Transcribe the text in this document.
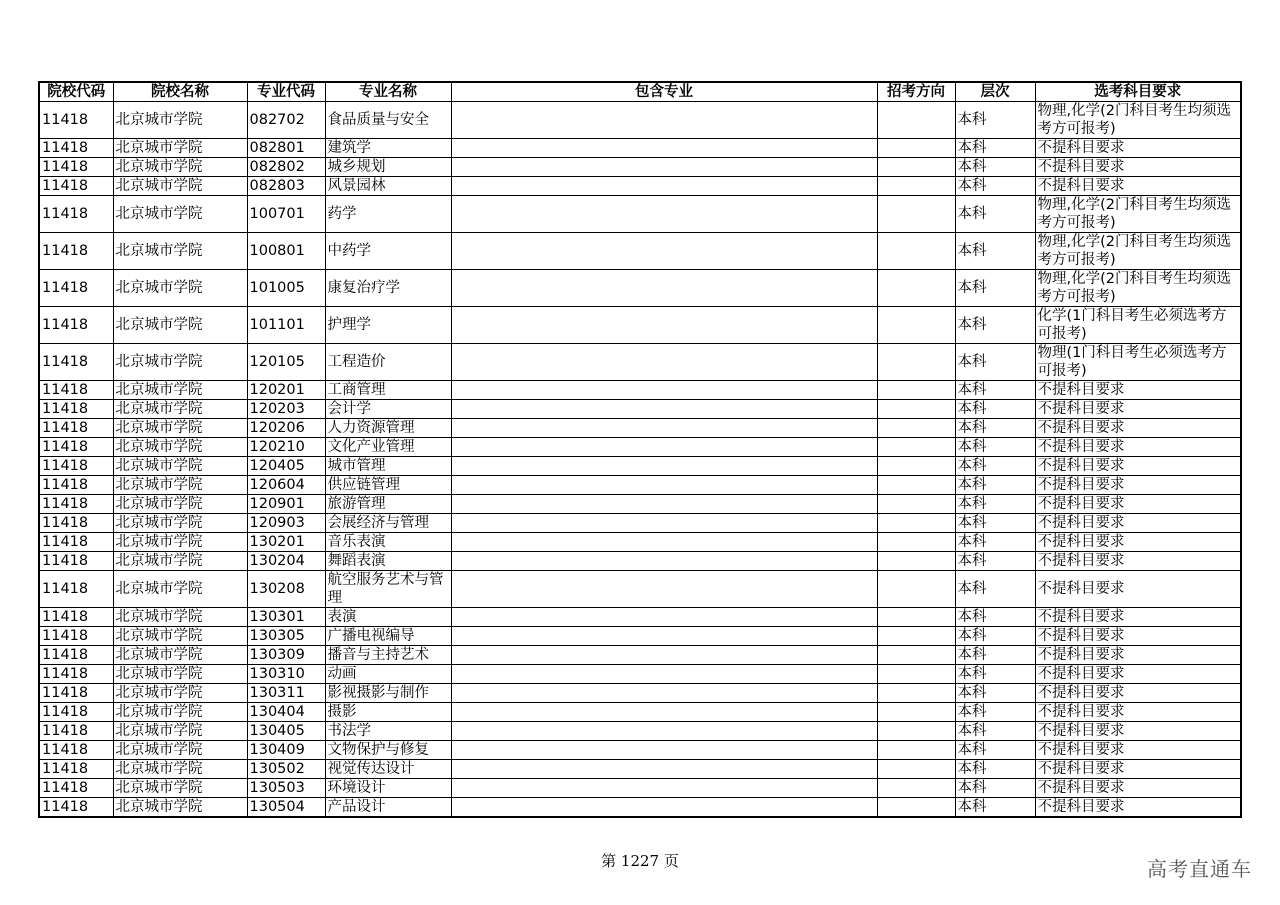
院校代码	院校名称	专业代码	专业名称	包含专业	招考方向	层次	选考科目要求
11418	北京城市学院	082702	食品质量与安全			本科	物理,化学(2门科目考生均须选考方可报考)
11418	北京城市学院	082801	建筑学			本科	不提科目要求
11418	北京城市学院	082802	城乡规划			本科	不提科目要求
11418	北京城市学院	082803	风景园林			本科	不提科目要求
11418	北京城市学院	100701	药学			本科	物理,化学(2门科目考生均须选考方可报考)
11418	北京城市学院	100801	中药学			本科	物理,化学(2门科目考生均须选考方可报考)
11418	北京城市学院	101005	康复治疗学			本科	物理,化学(2门科目考生均须选考方可报考)
11418	北京城市学院	101101	护理学			本科	化学(1门科目考生必须选考方可报考)
11418	北京城市学院	120105	工程造价			本科	物理(1门科目考生必须选考方可报考)
11418	北京城市学院	120201	工商管理			本科	不提科目要求
11418	北京城市学院	120203	会计学			本科	不提科目要求
11418	北京城市学院	120206	人力资源管理			本科	不提科目要求
11418	北京城市学院	120210	文化产业管理			本科	不提科目要求
11418	北京城市学院	120405	城市管理			本科	不提科目要求
11418	北京城市学院	120604	供应链管理			本科	不提科目要求
11418	北京城市学院	120901	旅游管理			本科	不提科目要求
11418	北京城市学院	120903	会展经济与管理			本科	不提科目要求
11418	北京城市学院	130201	音乐表演			本科	不提科目要求
11418	北京城市学院	130204	舞蹈表演			本科	不提科目要求
11418	北京城市学院	130208	航空服务艺术与管理			本科	不提科目要求
11418	北京城市学院	130301	表演			本科	不提科目要求
11418	北京城市学院	130305	广播电视编导			本科	不提科目要求
11418	北京城市学院	130309	播音与主持艺术			本科	不提科目要求
11418	北京城市学院	130310	动画			本科	不提科目要求
11418	北京城市学院	130311	影视摄影与制作			本科	不提科目要求
11418	北京城市学院	130404	摄影			本科	不提科目要求
11418	北京城市学院	130405	书法学			本科	不提科目要求
11418	北京城市学院	130409	文物保护与修复			本科	不提科目要求
11418	北京城市学院	130502	视觉传达设计			本科	不提科目要求
11418	北京城市学院	130503	环境设计			本科	不提科目要求
11418	北京城市学院	130504	产品设计			本科	不提科目要求
第 1227 页	高考直通车
